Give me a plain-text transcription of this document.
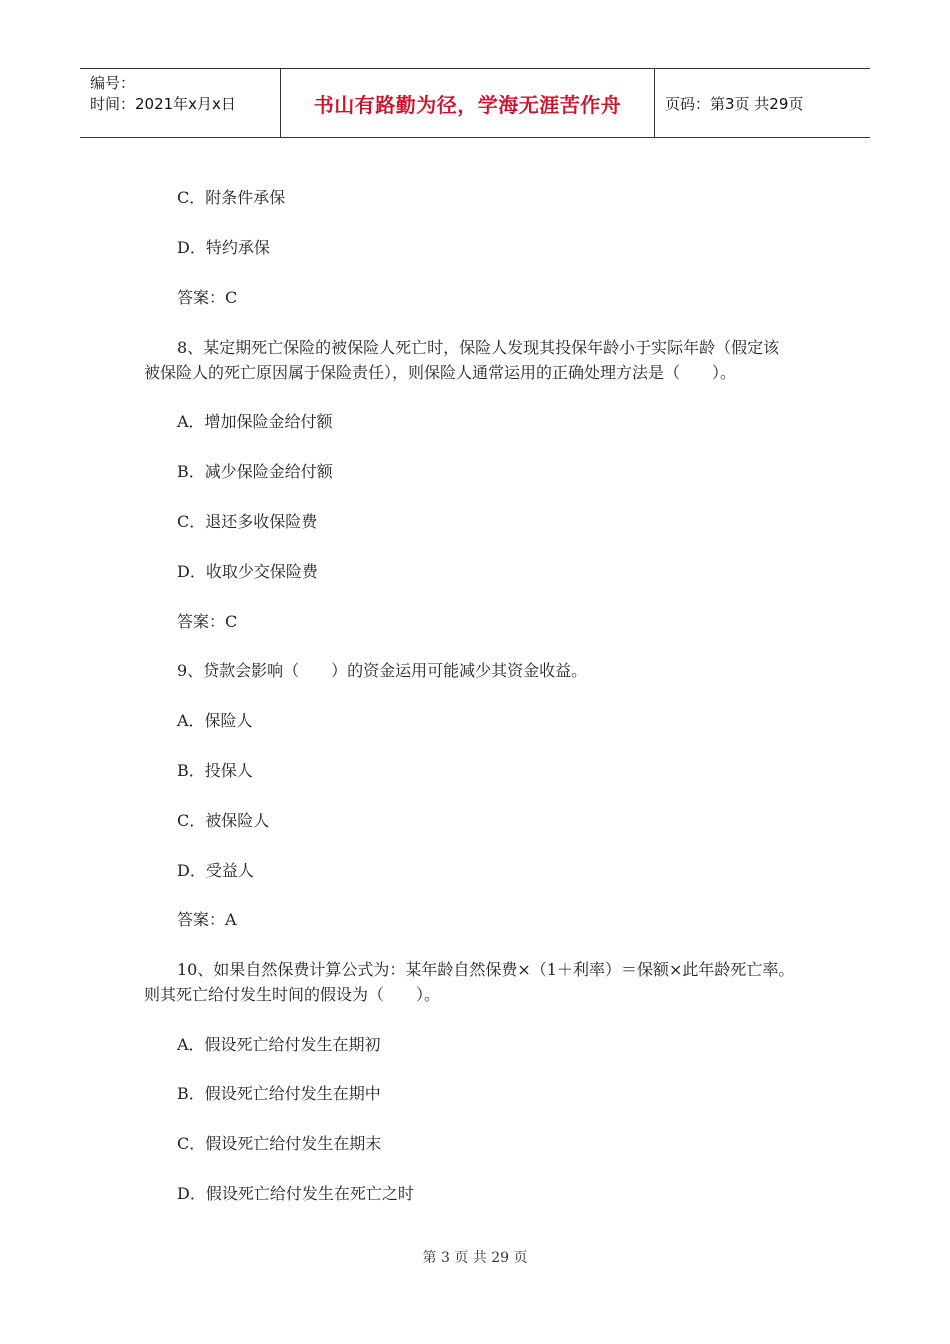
编号：
时间：2021年x月x日	书山有路勤为径，学海无涯苦作舟	页码：第3页 共29页
C．附条件承保
D．特约承保
答案：C
8、某定期死亡保险的被保险人死亡时，保险人发现其投保年龄小于实际年龄（假定该
被保险人的死亡原因属于保险责任），则保险人通常运用的正确处理方法是（　　）。
A．增加保险金给付额
B．减少保险金给付额
C．退还多收保险费
D．收取少交保险费
答案：C
9、贷款会影响（　　）的资金运用可能减少其资金收益。
A．保险人
B．投保人
C．被保险人
D．受益人
答案：A
10、如果自然保费计算公式为：某年龄自然保费×（1＋利率）＝保额×此年龄死亡率。
则其死亡给付发生时间的假设为（　　）。
A．假设死亡给付发生在期初
B．假设死亡给付发生在期中
C．假设死亡给付发生在期末
D．假设死亡给付发生在死亡之时
第 3 页 共 29 页
